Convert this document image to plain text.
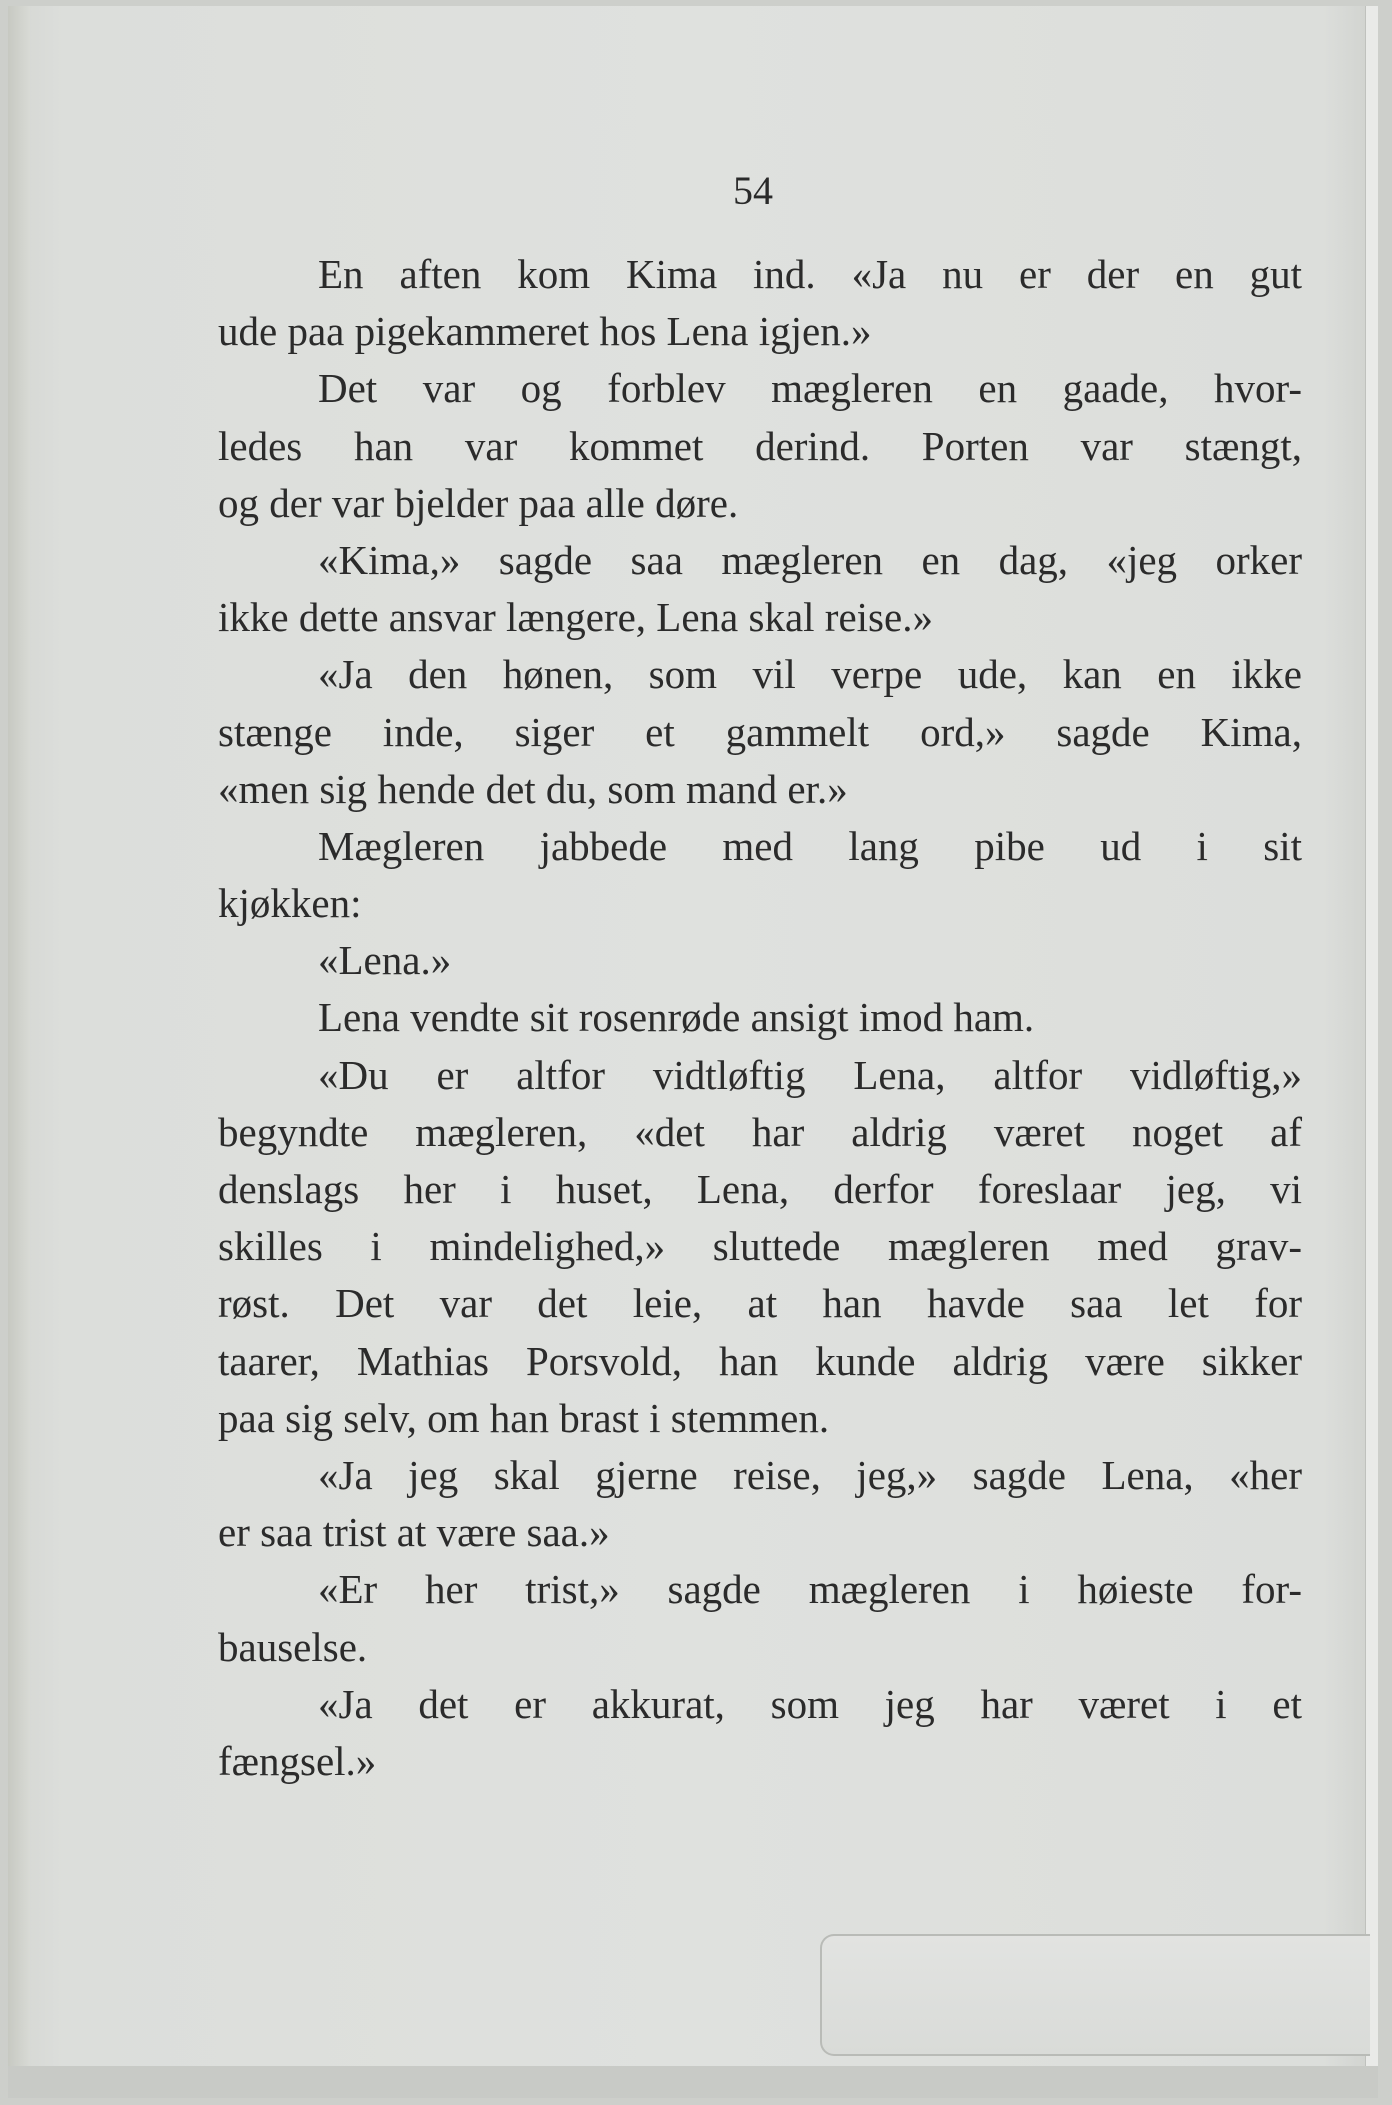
54
En aften kom Kima ind. «Ja nu er der en gut
ude paa pigekammeret hos Lena igjen.»
Det var og forblev mægleren en gaade, hvor-
ledes han var kommet derind. Porten var stængt,
og der var bjelder paa alle døre.
«Kima,» sagde saa mægleren en dag, «jeg orker
ikke dette ansvar længere, Lena skal reise.»
«Ja den hønen, som vil verpe ude, kan en ikke
stænge inde, siger et gammelt ord,» sagde Kima,
«men sig hende det du, som mand er.»
Mægleren jabbede med lang pibe ud i sit
kjøkken:
«Lena.»
Lena vendte sit rosenrøde ansigt imod ham.
«Du er altfor vidtløftig Lena, altfor vidløftig,»
begyndte mægleren, «det har aldrig været noget af
denslags her i huset, Lena, derfor foreslaar jeg, vi
skilles i mindelighed,» sluttede mægleren med grav-
røst. Det var det leie, at han havde saa let for
taarer, Mathias Porsvold, han kunde aldrig være sikker
paa sig selv, om han brast i stemmen.
«Ja jeg skal gjerne reise, jeg,» sagde Lena, «her
er saa trist at være saa.»
«Er her trist,» sagde mægleren i høieste for-
bauselse.
«Ja det er akkurat, som jeg har været i et
fængsel.»
